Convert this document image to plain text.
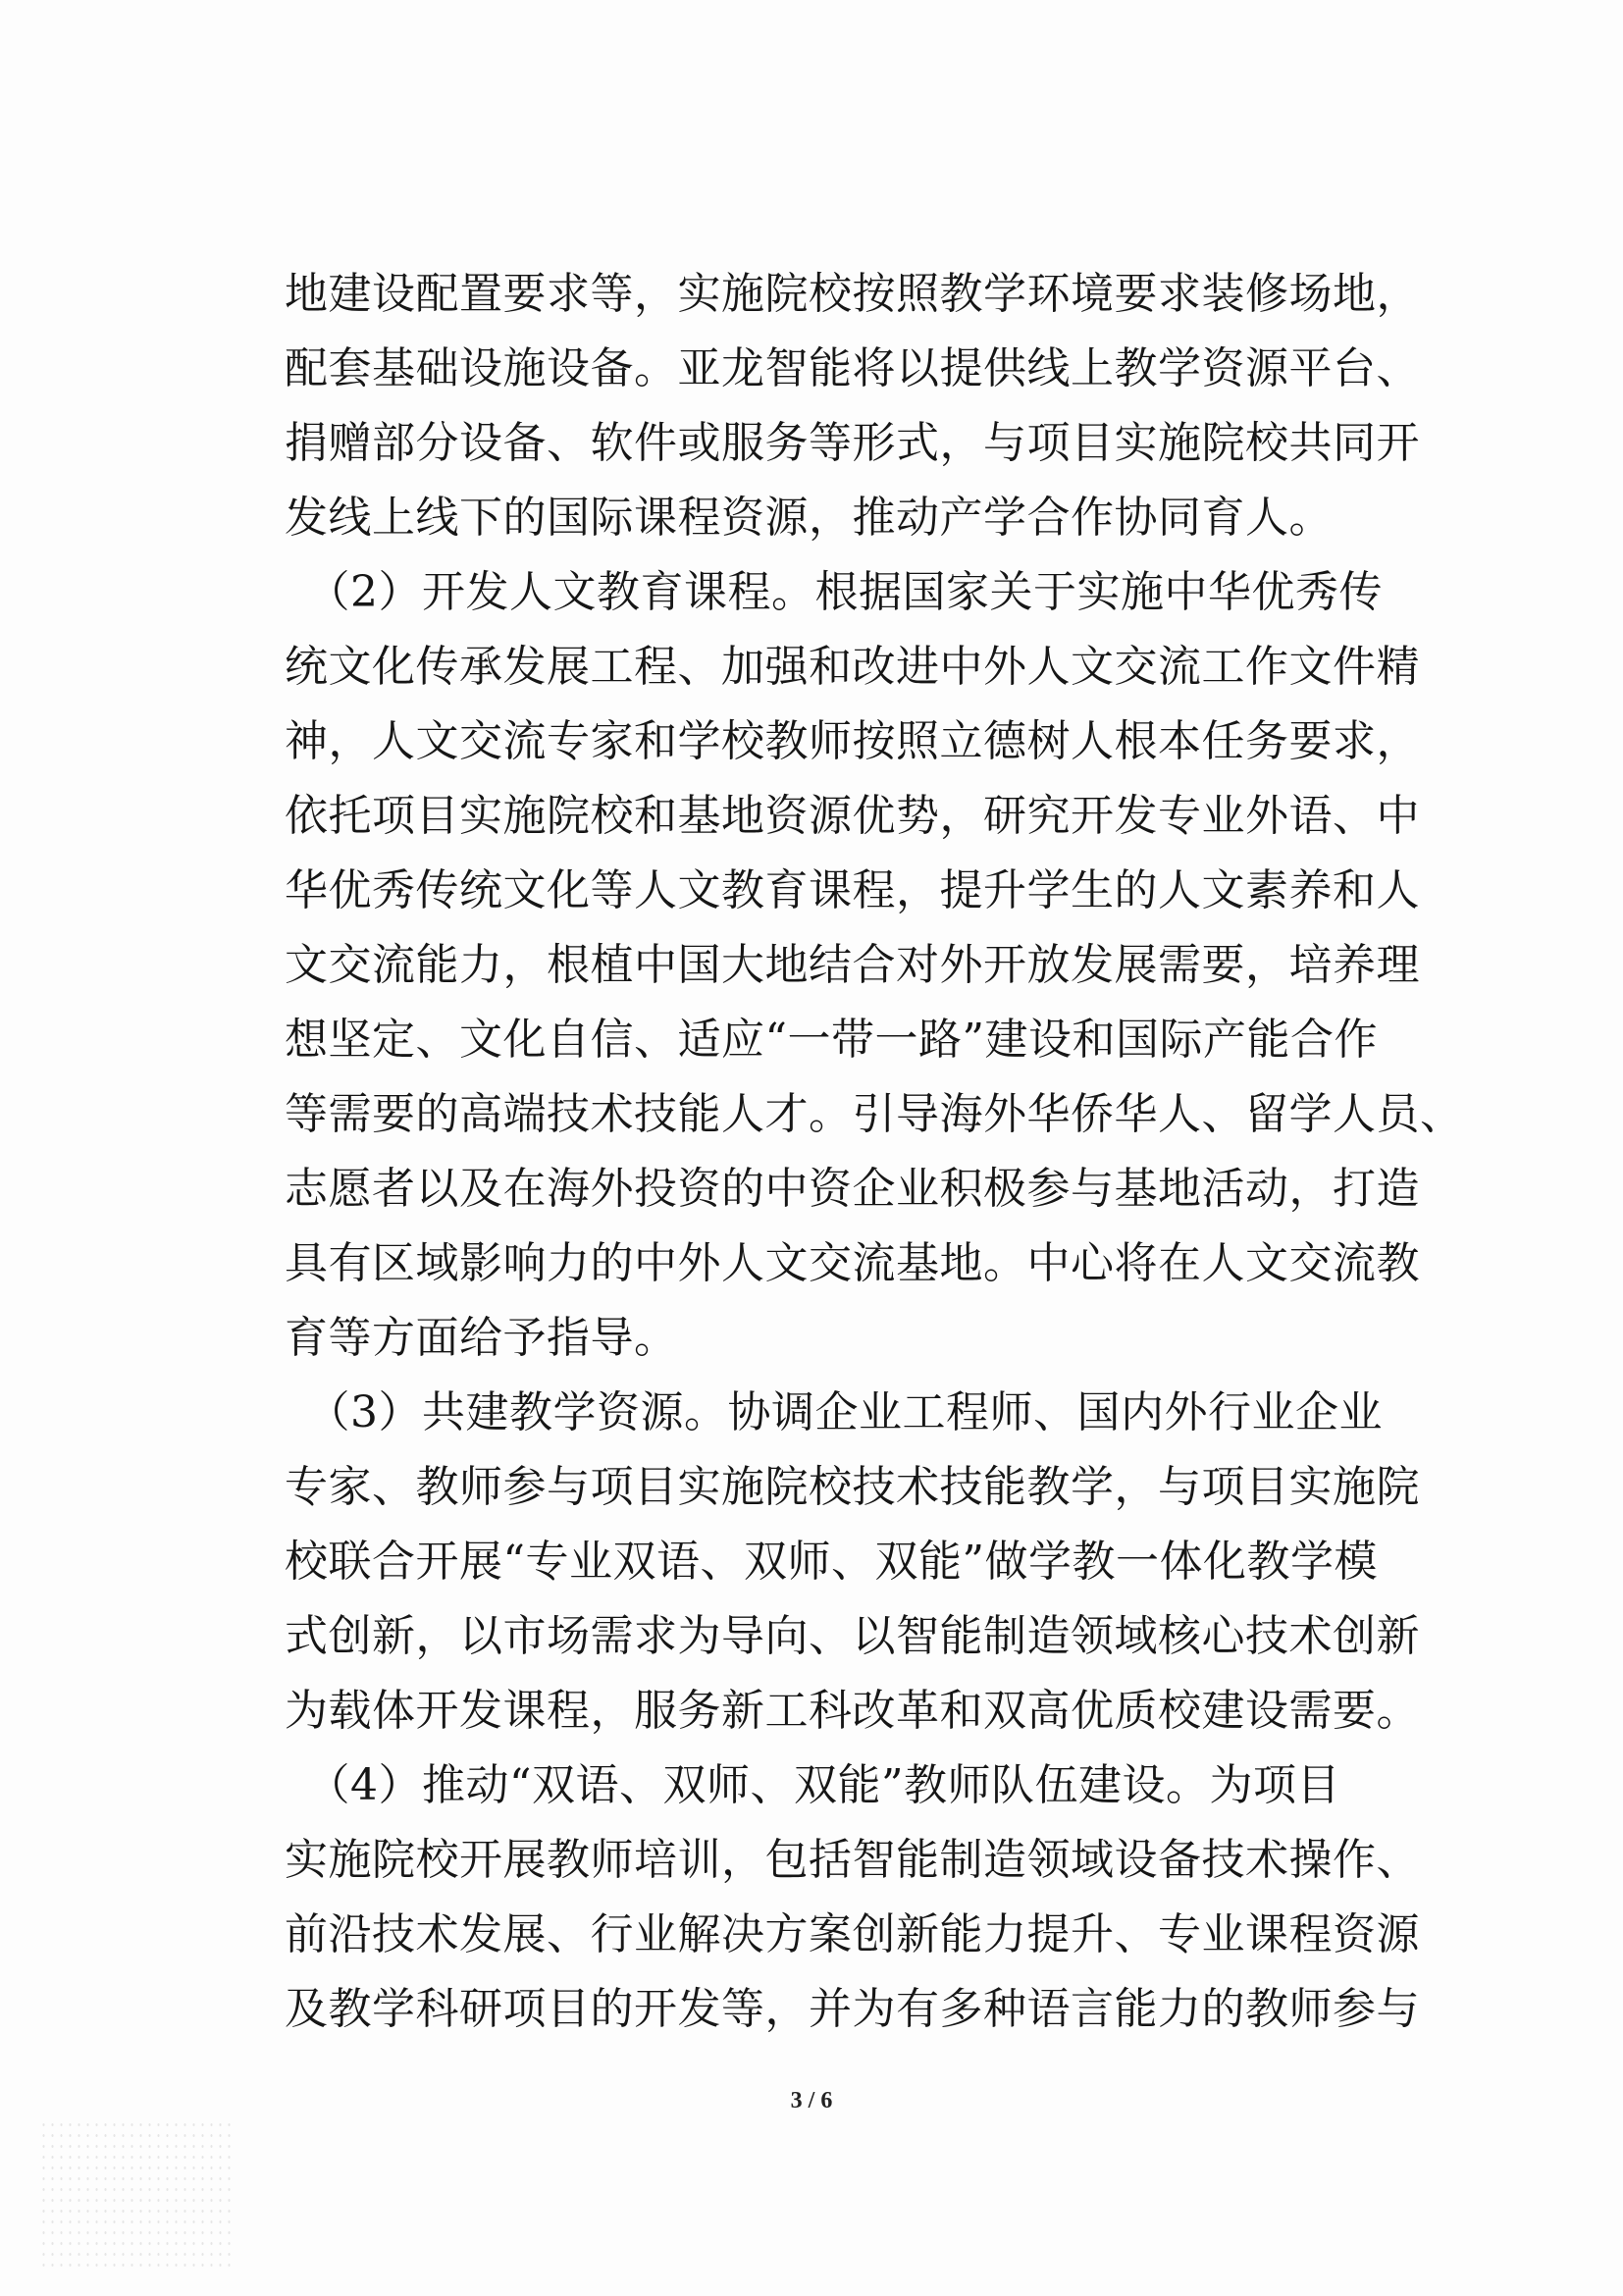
地建设配置要求等，实施院校按照教学环境要求装修场地，
配套基础设施设备。亚龙智能将以提供线上教学资源平台、
捐赠部分设备、软件或服务等形式，与项目实施院校共同开
发线上线下的国际课程资源，推动产学合作协同育人。
　（2）开发人文教育课程。根据国家关于实施中华优秀传
统文化传承发展工程、加强和改进中外人文交流工作文件精
神，人文交流专家和学校教师按照立德树人根本任务要求，
依托项目实施院校和基地资源优势，研究开发专业外语、中
华优秀传统文化等人文教育课程，提升学生的人文素养和人
文交流能力，根植中国大地结合对外开放发展需要，培养理
想坚定、文化自信、适应“一带一路”建设和国际产能合作
等需要的高端技术技能人才。引导海外华侨华人、留学人员、
志愿者以及在海外投资的中资企业积极参与基地活动，打造
具有区域影响力的中外人文交流基地。中心将在人文交流教
育等方面给予指导。
　（3）共建教学资源。协调企业工程师、国内外行业企业
专家、教师参与项目实施院校技术技能教学，与项目实施院
校联合开展“专业双语、双师、双能”做学教一体化教学模
式创新，以市场需求为导向、以智能制造领域核心技术创新
为载体开发课程，服务新工科改革和双高优质校建设需要。
　（4）推动“双语、双师、双能”教师队伍建设。为项目
实施院校开展教师培训，包括智能制造领域设备技术操作、
前沿技术发展、行业解决方案创新能力提升、专业课程资源
及教学科研项目的开发等，并为有多种语言能力的教师参与
3 / 6
